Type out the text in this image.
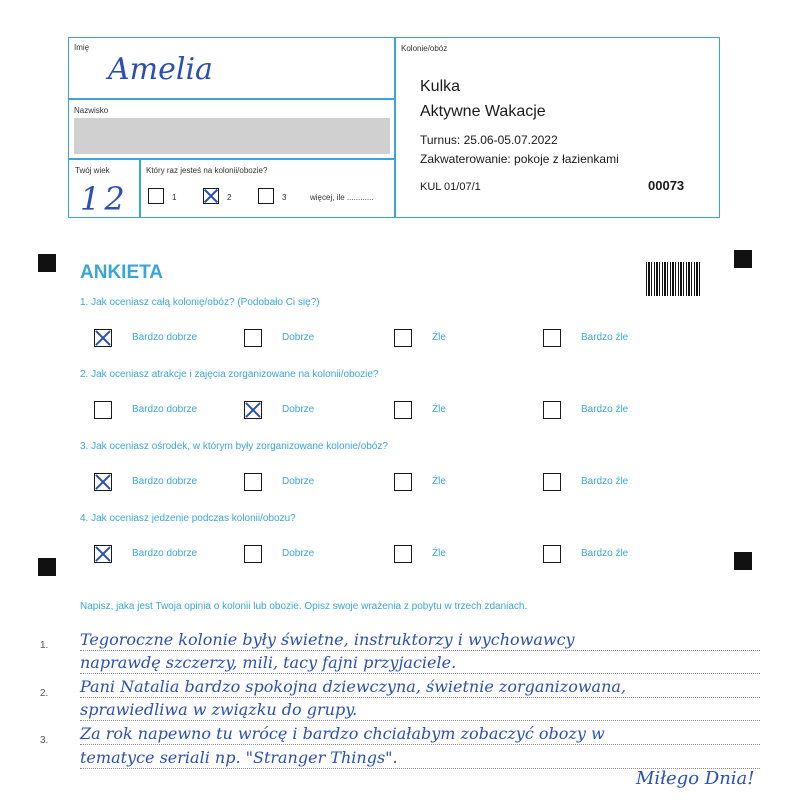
Imię
Amelia
Nazwisko
Twój wiek
12
Który raz jesteś na kolonii/obozie?
1	2	3	więcej, ile ............
Kolonie/obóz
Kulka
Aktywne Wakacje
Turnus: 25.06-05.07.2022
Zakwaterowanie: pokoje z łazienkami
KUL 01/07/1	00073
ANKIETA
1. Jak oceniasz całą kolonię/obóz? (Podobało Ci się?)
Bardzo dobrze	Dobrze	Źle	Bardzo źle
2. Jak oceniasz atrakcje i zajęcia zorganizowane na kolonii/obozie?
Bardzo dobrze	Dobrze	Źle	Bardzo źle
3. Jak oceniasz ośrodek, w którym były zorganizowane kolonie/obóz?
Bardzo dobrze	Dobrze	Źle	Bardzo źle
4. Jak oceniasz jedzenie podczas kolonii/obozu?
Bardzo dobrze	Dobrze	Źle	Bardzo źle
Napisz, jaka jest Twoja opinia o kolonii lub obozie. Opisz swoje wrażenia z pobytu w trzech zdaniach.
Tegoroczne kolonie były świetne, instruktorzy i wychowawcy
naprawdę szczerzy, mili, tacy fajni przyjaciele.
Pani Natalia bardzo spokojna dziewczyna, świetnie zorganizowana,
sprawiedliwa w związku do grupy.
Za rok napewno tu wrócę i bardzo chciałabym zobaczyć obozy w
tematyce seriali np. "Stranger Things".
1.
2.
3.
Miłego Dnia!
